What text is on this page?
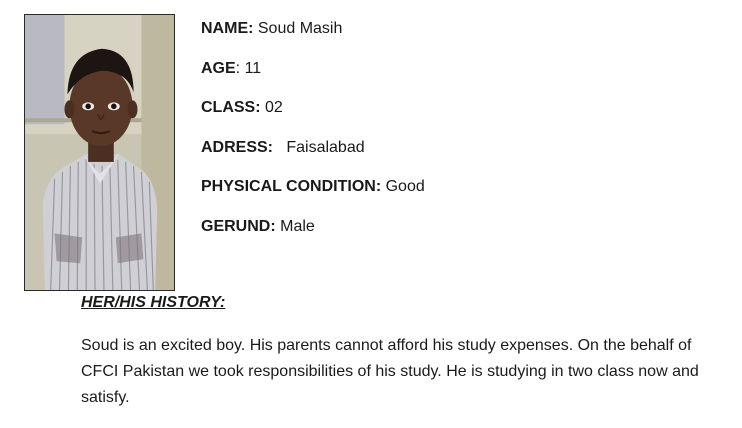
NAME: Soud Masih
AGE: 11
CLASS: 02
ADRESS:   Faisalabad
PHYSICAL CONDITION: Good
GERUND: Male
HER/HIS HISTORY:
Soud is an excited boy. His parents cannot afford his study expenses. On the behalf of CFCI Pakistan we took responsibilities of his study. He is studying in two class now and satisfy.
